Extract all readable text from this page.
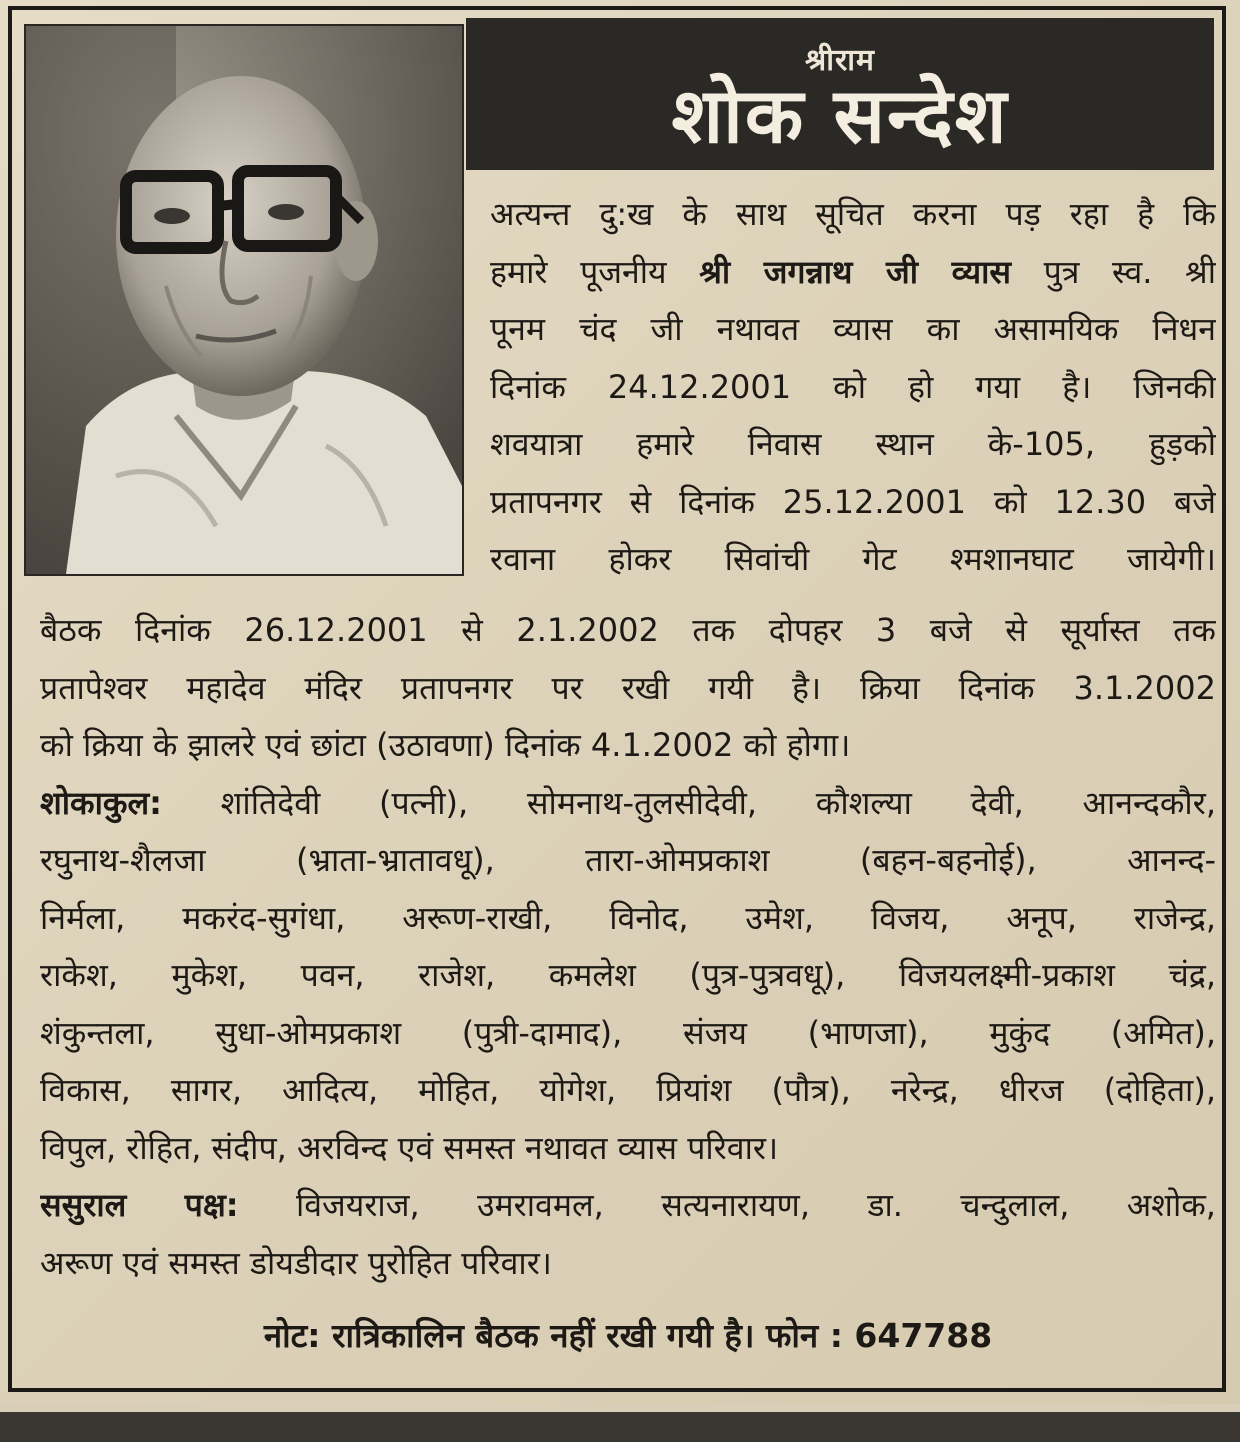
श्रीराम
शोक सन्देश
अत्यन्त दु:ख के साथ सूचित करना पड़ रहा है कि
हमारे पूजनीय श्री जगन्नाथ जी व्यास पुत्र स्व. श्री
पूनम चंद जी नथावत व्यास का असामयिक निधन
दिनांक 24.12.2001 को हो गया है। जिनकी
शवयात्रा हमारे निवास स्थान के-105, हुड़को
प्रतापनगर से दिनांक 25.12.2001 को 12.30 बजे
रवाना होकर सिवांची गेट श्मशानघाट जायेगी।
बैठक दिनांक 26.12.2001 से 2.1.2002 तक दोपहर 3 बजे से सूर्यास्त तक
प्रतापेश्वर महादेव मंदिर प्रतापनगर पर रखी गयी है। क्रिया दिनांक 3.1.2002
को क्रिया के झालरे एवं छांटा (उठावणा) दिनांक 4.1.2002 को होगा।
शोकाकुल: शांतिदेवी (पत्नी), सोमनाथ-तुलसीदेवी, कौशल्या देवी, आनन्दकौर,
रघुनाथ-शैलजा (भ्राता-भ्रातावधू), तारा-ओमप्रकाश (बहन-बहनोई), आनन्द-
निर्मला, मकरंद-सुगंधा, अरूण-राखी, विनोद, उमेश, विजय, अनूप, राजेन्द्र,
राकेश, मुकेश, पवन, राजेश, कमलेश (पुत्र-पुत्रवधू), विजयलक्ष्मी-प्रकाश चंद्र,
शंकुन्तला, सुधा-ओमप्रकाश (पुत्री-दामाद), संजय (भाणजा), मुकुंद (अमित),
विकास, सागर, आदित्य, मोहित, योगेश, प्रियांश (पौत्र), नरेन्द्र, धीरज (दोहिता),
विपुल, रोहित, संदीप, अरविन्द एवं समस्त नथावत व्यास परिवार।
ससुराल पक्ष: विजयराज, उमरावमल, सत्यनारायण, डा. चन्दुलाल, अशोक,
अरूण एवं समस्त डोयडीदार पुरोहित परिवार।
नोट: रात्रिकालिन बैठक नहीं रखी गयी है। फोन : 647788
